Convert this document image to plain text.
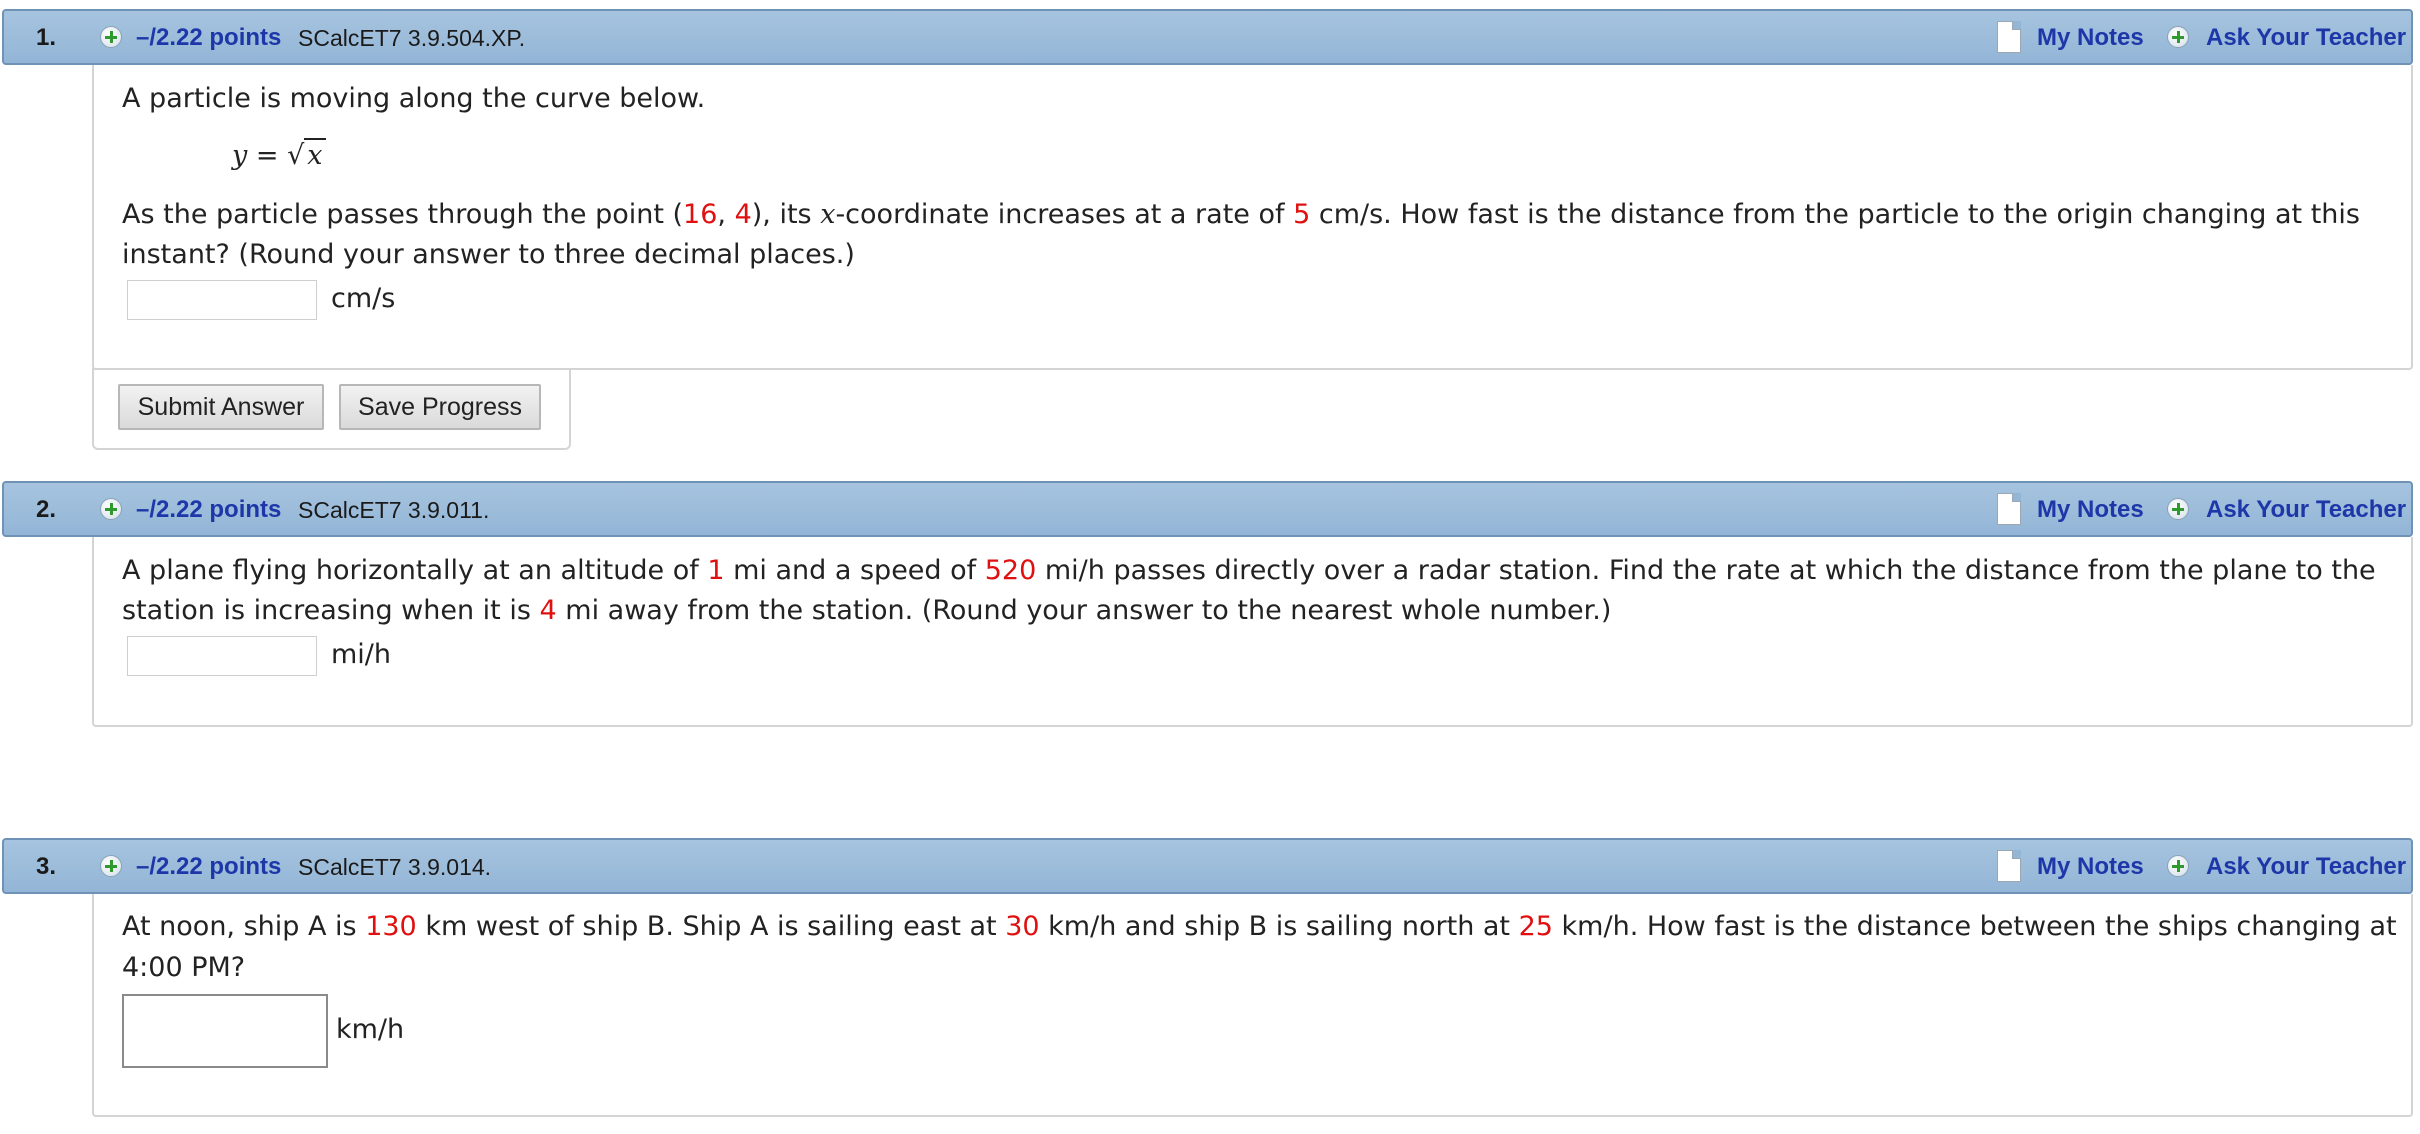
1.	–/2.22 points SCalcET7 3.9.504.XP.	My Notes	Ask Your Teacher
A particle is moving along the curve below.
y = √ x
As the particle passes through the point (16, 4), its x-coordinate increases at a rate of 5 cm/s. How fast is the distance from the particle to the origin changing at this
instant? (Round your answer to three decimal places.)
cm/s
Submit Answer	Save Progress
2.	–/2.22 points SCalcET7 3.9.011.	My Notes	Ask Your Teacher
A plane flying horizontally at an altitude of 1 mi and a speed of 520 mi/h passes directly over a radar station. Find the rate at which the distance from the plane to the
station is increasing when it is 4 mi away from the station. (Round your answer to the nearest whole number.)
mi/h
3.	–/2.22 points SCalcET7 3.9.014.	My Notes	Ask Your Teacher
At noon, ship A is 130 km west of ship B. Ship A is sailing east at 30 km/h and ship B is sailing north at 25 km/h. How fast is the distance between the ships changing at
4:00 PM?
km/h
